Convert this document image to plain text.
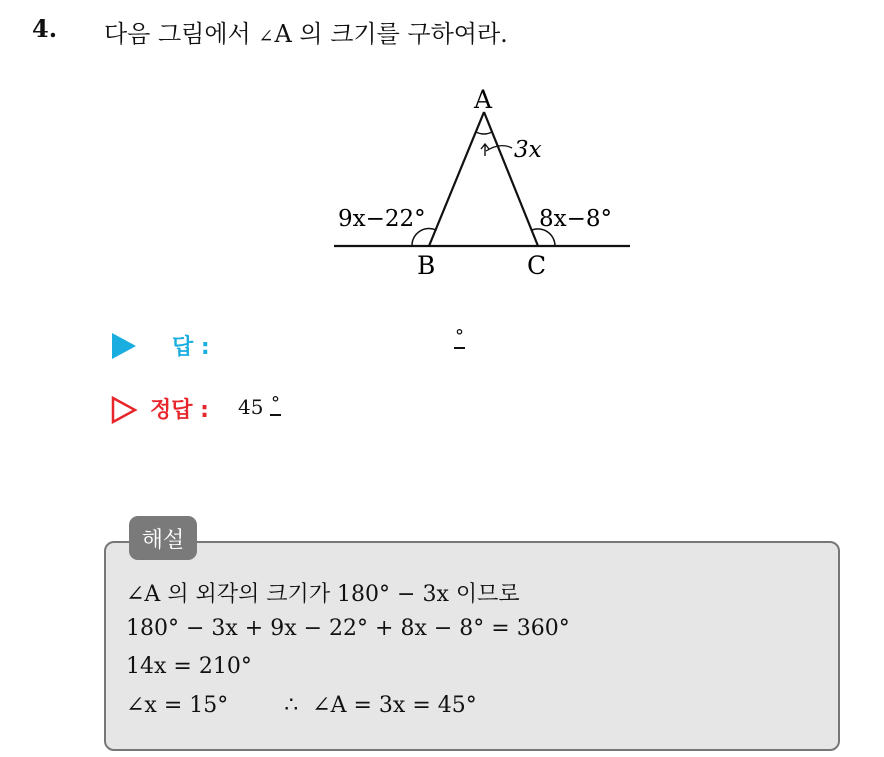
4. 다음 그림에서 ∠A 의 크기를 구하여라.
A
B	C
3x
9x−22°	8x−8°
답 :	°
정답 : 45 °
해설
∠A 의 외각의 크기가 180° − 3x 이므로
180° − 3x + 9x − 22° + 8x − 8° = 360°
14x = 210°
∠x = 15°        ∴  ∠A = 3x = 45°
